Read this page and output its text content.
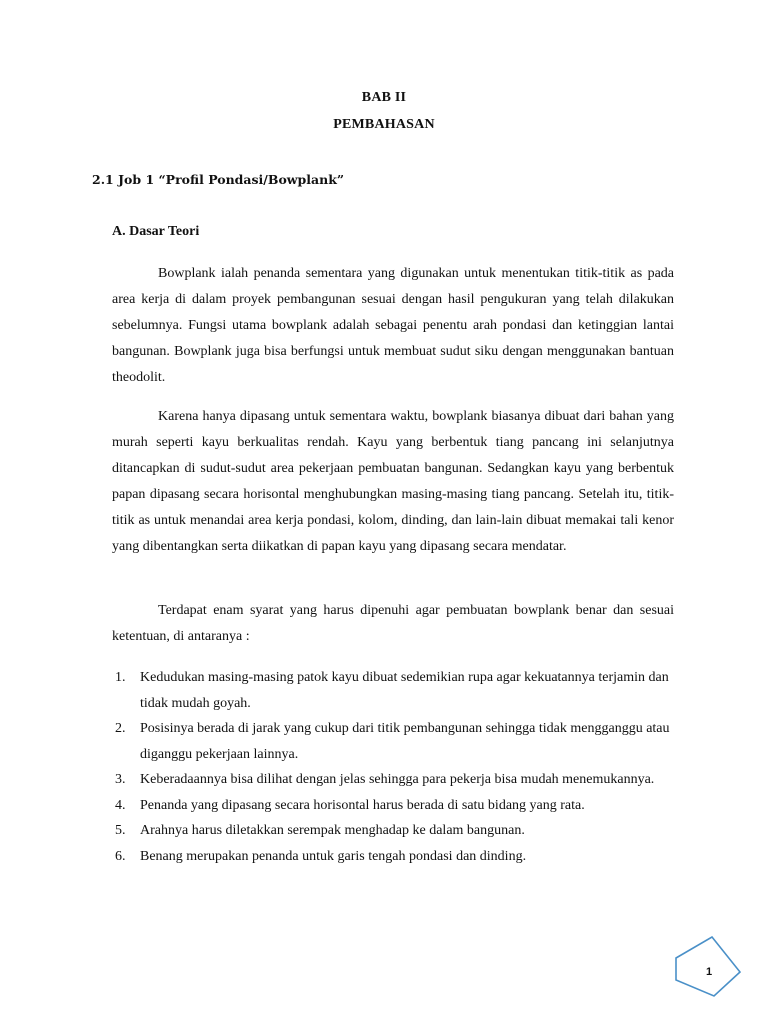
BAB II
PEMBAHASAN
2.1 Job 1 “Profil Pondasi/Bowplank”
A. Dasar Teori

Bowplank ialah penanda sementara yang digunakan untuk menentukan titik-titik as pada area kerja di dalam proyek pembangunan sesuai dengan hasil pengukuran yang telah dilakukan sebelumnya. Fungsi utama bowplank adalah sebagai penentu arah pondasi dan ketinggian lantai bangunan. Bowplank juga bisa berfungsi untuk membuat sudut siku dengan menggunakan bantuan theodolit.

Karena hanya dipasang untuk sementara waktu, bowplank biasanya dibuat dari bahan yang murah seperti kayu berkualitas rendah. Kayu yang berbentuk tiang pancang ini selanjutnya ditancapkan di sudut-sudut area pekerjaan pembuatan bangunan. Sedangkan kayu yang berbentuk papan dipasang secara horisontal menghubungkan masing-masing tiang pancang. Setelah itu, titik-titik as untuk menandai area kerja pondasi, kolom, dinding, dan lain-lain dibuat memakai tali kenor yang dibentangkan serta diikatkan di papan kayu yang dipasang secara mendatar.

Terdapat enam syarat yang harus dipenuhi agar pembuatan bowplank benar dan sesuai ketentuan, di antaranya :

1. Kedudukan masing-masing patok kayu dibuat sedemikian rupa agar kekuatannya terjamin dan tidak mudah goyah.
2. Posisinya berada di jarak yang cukup dari titik pembangunan sehingga tidak mengganggu atau diganggu pekerjaan lainnya.
3. Keberadaannya bisa dilihat dengan jelas sehingga para pekerja bisa mudah menemukannya.
4. Penanda yang dipasang secara horisontal harus berada di satu bidang yang rata.
5. Arahnya harus diletakkan serempak menghadap ke dalam bangunan.
6. Benang merupakan penanda untuk garis tengah pondasi dan dinding.
1
